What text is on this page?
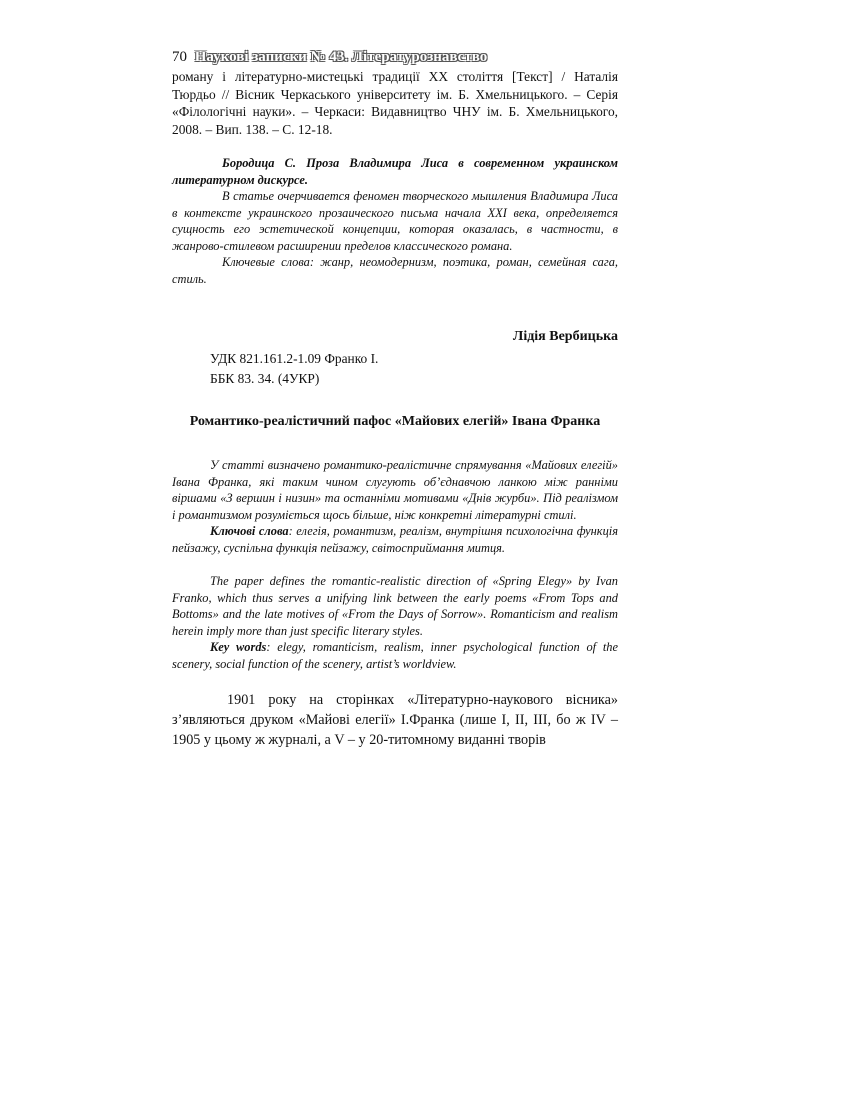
70 Наукові записки № 43. Літературознавство

роману і літературно-мистецькі традиції ХХ століття [Текст] / Наталія Тюрдьо // Вісник Черкаського університету ім. Б. Хмельницького. – Серія «Філологічні науки». – Черкаси: Видавництво ЧНУ ім. Б. Хмельницького, 2008. – Вип. 138. – С. 12-18.

Бородица С. Проза Владимира Лиса в современном украинском литературном дискурсе.

В статье очерчивается феномен творческого мышления Владимира Лиса в контексте украинского прозаического письма начала XXI века, определяется сущность его эстетической концепции, которая оказалась, в частности, в жанрово-стилевом расширении пределов классического романа.

Ключевые слова: жанр, неомодернизм, поэтика, роман, семейная сага, стиль.

Лідія Вербицька
УДК 821.161.2-1.09 Франко І.
ББК 83. 34. (4УКР)
Романтико-реалістичний пафос «Майових елегій» Івана Франка

У статті визначено романтико-реалістичне спрямування «Майових елегій» Івана Франка, які таким чином слугують об’єднавчою ланкою між ранніми віршами «З вершин і низин» та останніми мотивами «Днів журби». Під реалізмом і романтизмом розуміється щось більше, ніж конкретні літературні стилі.

Ключові слова: елегія, романтизм, реалізм, внутрішня психологічна функція пейзажу, суспільна функція пейзажу, світосприймання митця.

The paper defines the romantic-realistic direction of «Spring Elegy» by Ivan Franko, which thus serves a unifying link between the early poems «From Tops and Bottoms» and the late motives of «From the Days of Sorrow». Romanticism and realism herein imply more than just specific literary styles.

Key words: elegy, romanticism, realism, inner psychological function of the scenery, social function of the scenery, artist’s worldview.

1901 року на сторінках «Літературно-наукового вісника» з’являються друком «Майові елегії» І.Франка (лише I, II, III, бо ж IV – 1905 у цьому ж журналі, а V – у 20-титомному виданні творів
